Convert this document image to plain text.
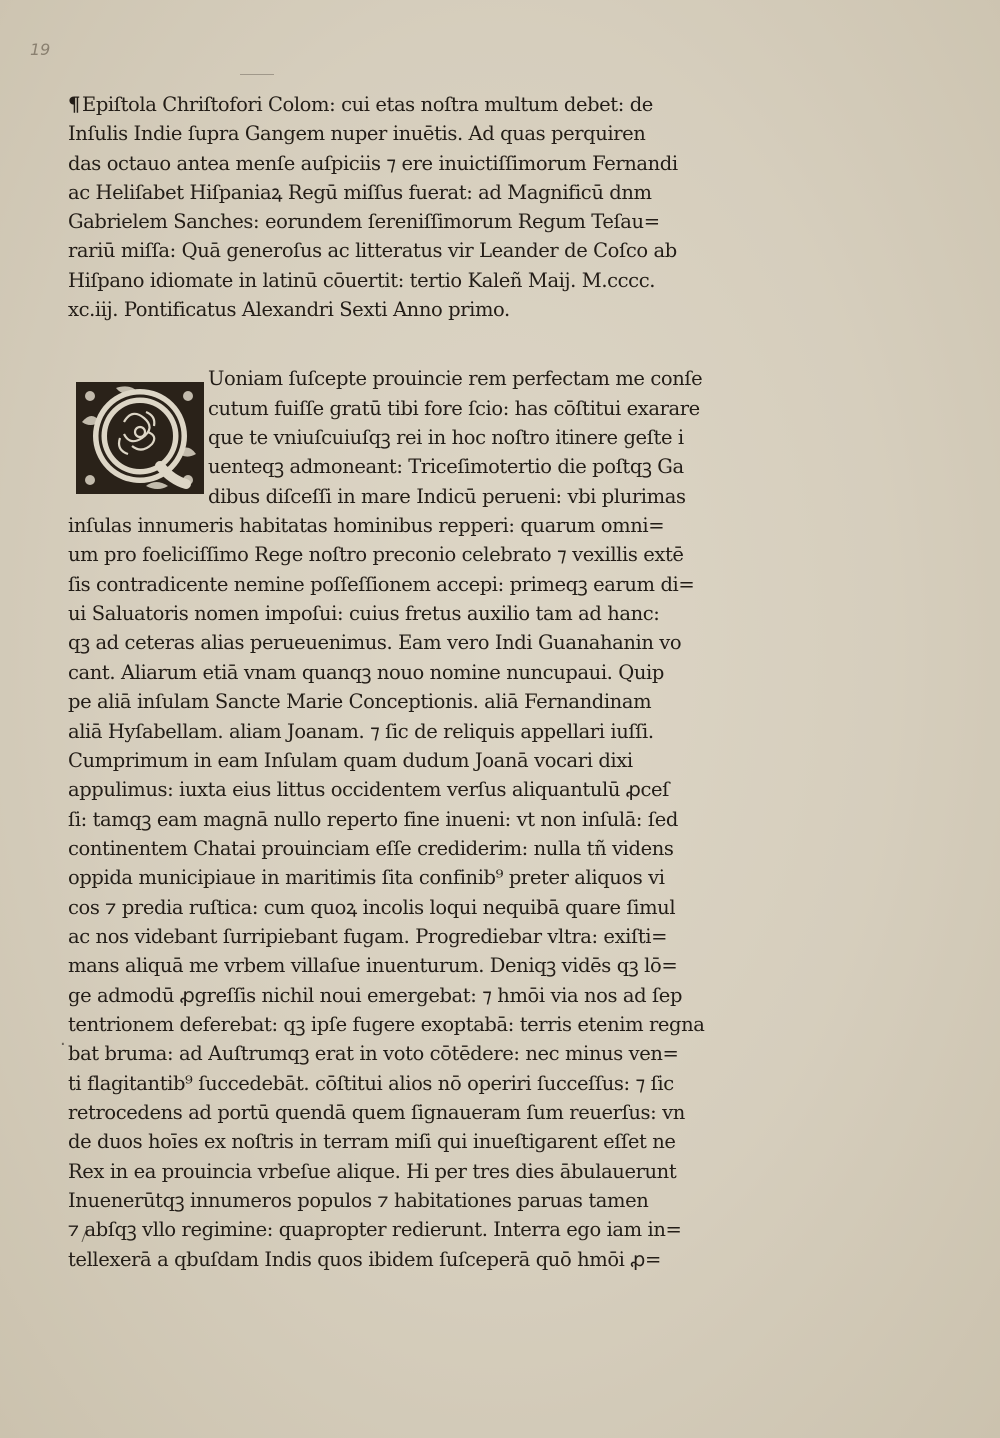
19
·
¶ Epiſtola Chriſtofori Colom: cui etas noſtra multum debet: de
Inſulis Indie ſupra Gangem nuper inuētis. Ad quas perquiren
das octauo antea menſe auſpiciis ⁊ ere inuictiſſimorum Fernandi
ac Heliſabet Hiſpaniaꝝ Regū miſſus fuerat: ad Magnificū dnm
Gabrielem Sanches: eorundem ſereniſſimorum Regum Teſau=
rariū miſſa: Quā generoſus ac litteratus vir Leander de Coſco ab
Hiſpano idiomate in latinū cōuertit: tertio Kaleñ Maij. M.cccc.
xc.iij. Pontificatus Alexandri Sexti Anno primo.
Uoniam ſuſcepte prouincie rem perfectam me conſe
cutum fuiſſe gratū tibi fore ſcio: has cōſtitui exarare
que te vniuſcuiuſqꝫ rei in hoc noſtro itinere geſte i
uenteqꝫ admoneant: Triceſimotertio die poſtqꝫ Ga
dibus diſceſſi in mare Indicū perueni: vbi plurimas
inſulas innumeris habitatas hominibus repperi: quarum omni=
um pro foeliciſſimo Rege noſtro preconio celebrato ⁊ vexillis extē
ſis contradicente nemine poſſeſſionem accepi: primeqꝫ earum di=
ui Saluatoris nomen impoſui: cuius fretus auxilio tam ad hanc:
qꝫ ad ceteras alias perueuenimus. Eam vero Indi Guanahanin vo
cant. Aliarum etiā vnam quanqꝫ nouo nomine nuncupaui. Quip
pe aliā inſulam Sancte Marie Conceptionis. aliā Fernandinam
aliā Hyſabellam. aliam Joanam. ⁊ ſic de reliquis appellari iuſſi.
Cumprimum in eam Inſulam quam dudum Joanā vocari dixi
appulimus: iuxta eius littus occidentem verſus aliquantulū ꝓceſ
ſi: tamqꝫ eam magnā nullo reperto fine inueni: vt non inſulā: ſed
continentem Chatai prouinciam eſſe crediderim: nulla tñ videns
oppida municipiaue in maritimis ſita confinib⁹ preter aliquos vi
cos ⁊ predia ruſtica: cum quoꝝ incolis loqui nequibā quare ſimul
ac nos videbant ſurripiebant fugam. Progrediebar vltra: exiſti=
mans aliquā me vrbem villaſue inuenturum. Deniqꝫ vidēs qꝫ lō=
ge admodū ꝓgreſſis nichil noui emergebat: ⁊ hmōi via nos ad ſep
tentrionem deferebat: qꝫ ipſe fugere exoptabā: terris etenim regna
bat bruma: ad Auſtrumqꝫ erat in voto cōtēdere: nec minus ven=
ti flagitantib⁹ ſuccedebāt. cōſtitui alios nō operiri ſucceſſus: ⁊ ſic
retrocedens ad portū quendā quem ſignaueram ſum reuerſus: vn
de duos hoīes ex noſtris in terram miſi qui inueſtigarent eſſet ne
Rex in ea prouincia vrbeſue alique. Hi per tres dies ābulauerunt
Inuenerūtqꝫ innumeros populos ⁊ habitationes paruas tamen
⁊ abſqꝫ vllo regimine: quapropter redierunt. Interra ego iam in=
tellexerā a qbuſdam Indis quos ibidem ſuſceperā quō hmōi ꝓ=
